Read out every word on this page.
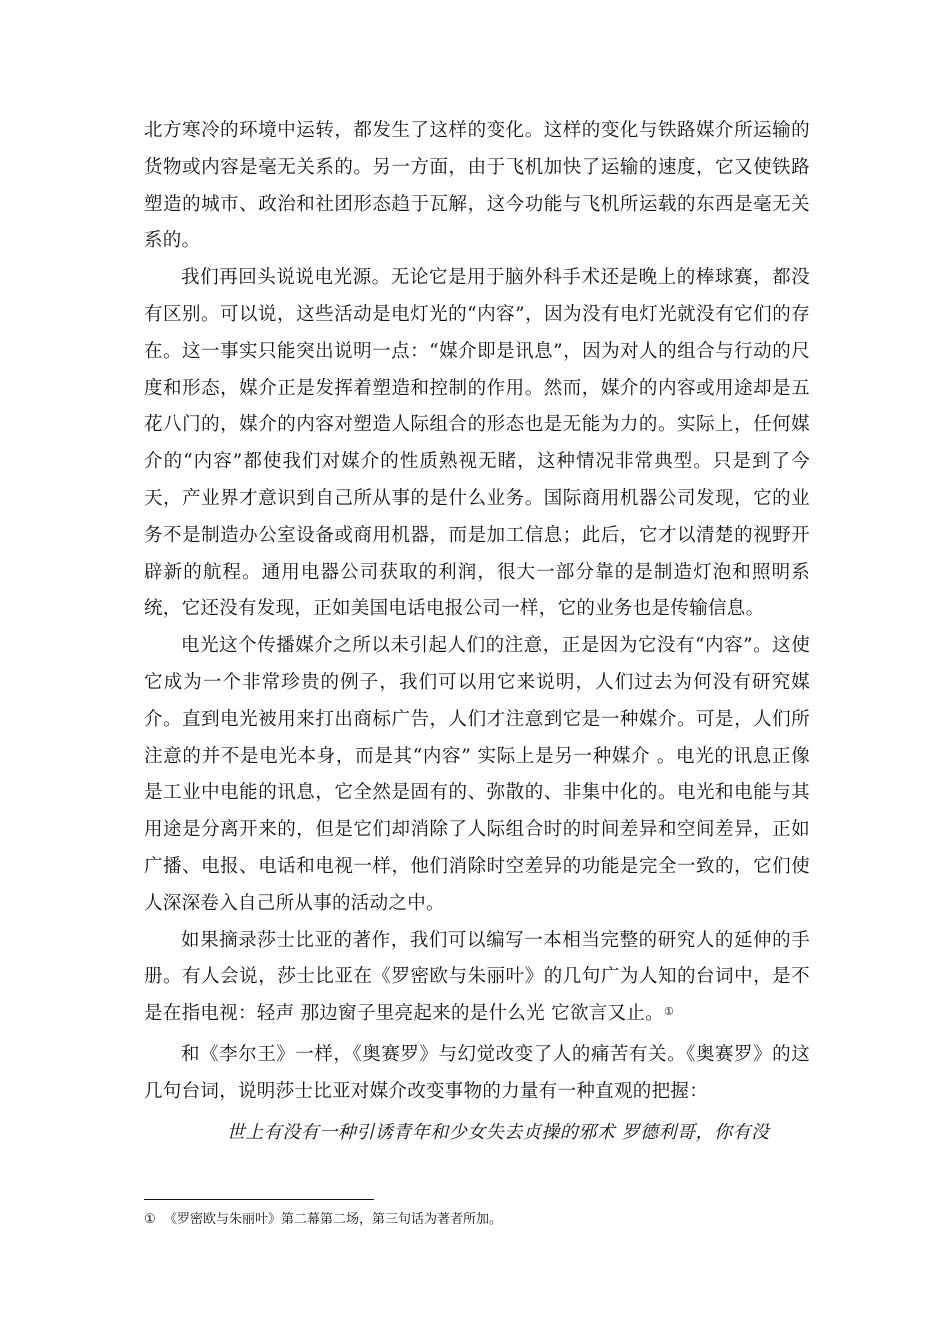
北方寒冷的环境中运转，都发生了这样的变化。这样的变化与铁路媒介所运输的货物或内容是毫无关系的。另一方面，由于飞机加快了运输的速度，它又使铁路塑造的城市、政治和社团形态趋于瓦解，这今功能与飞机所运载的东西是毫无关系的。

我们再回头说说电光源。无论它是用于脑外科手术还是晚上的棒球赛，都没有区别。可以说，这些活动是电灯光的“内容”，因为没有电灯光就没有它们的存在。这一事实只能突出说明一点：“媒介即是讯息”，因为对人的组合与行动的尺度和形态，媒介正是发挥着塑造和控制的作用。然而，媒介的内容或用途却是五花八门的，媒介的内容对塑造人际组合的形态也是无能为力的。实际上，任何媒介的“内容”都使我们对媒介的性质熟视无睹，这种情况非常典型。只是到了今天，产业界才意识到自己所从事的是什么业务。国际商用机器公司发现，它的业务不是制造办公室设备或商用机器，而是加工信息；此后，它才以清楚的视野开辟新的航程。通用电器公司获取的利润，很大一部分靠的是制造灯泡和照明系统，它还没有发现，正如美国电话电报公司一样，它的业务也是传输信息。

电光这个传播媒介之所以未引起人们的注意，正是因为它没有“内容”。这使它成为一个非常珍贵的例子，我们可以用它来说明，人们过去为何没有研究媒介。直到电光被用来打出商标广告，人们才注意到它是一种媒介。可是，人们所注意的并不是电光本身，而是其“内容” 实际上是另一种媒介 。电光的讯息正像是工业中电能的讯息，它全然是固有的、弥散的、非集中化的。电光和电能与其用途是分离开来的，但是它们却消除了人际组合时的时间差异和空间差异，正如广播、电报、电话和电视一样，他们消除时空差异的功能是完全一致的，它们使人深深卷入自己所从事的活动之中。

如果摘录莎士比亚的著作，我们可以编写一本相当完整的研究人的延伸的手册。有人会说，莎士比亚在《罗密欧与朱丽叶》的几句广为人知的台词中，是不是在指电视：轻声 那边窗子里亮起来的是什么光 它欲言又止。①

和《李尔王》一样，《奥赛罗》与幻觉改变了人的痛苦有关。《奥赛罗》的这几句台词，说明莎士比亚对媒介改变事物的力量有一种直观的把握：

世上有没有一种引诱青年和少女失去贞操的邪术 罗德利哥，你有没

① 《罗密欧与朱丽叶》第二幕第二场，第三句话为著者所加。
